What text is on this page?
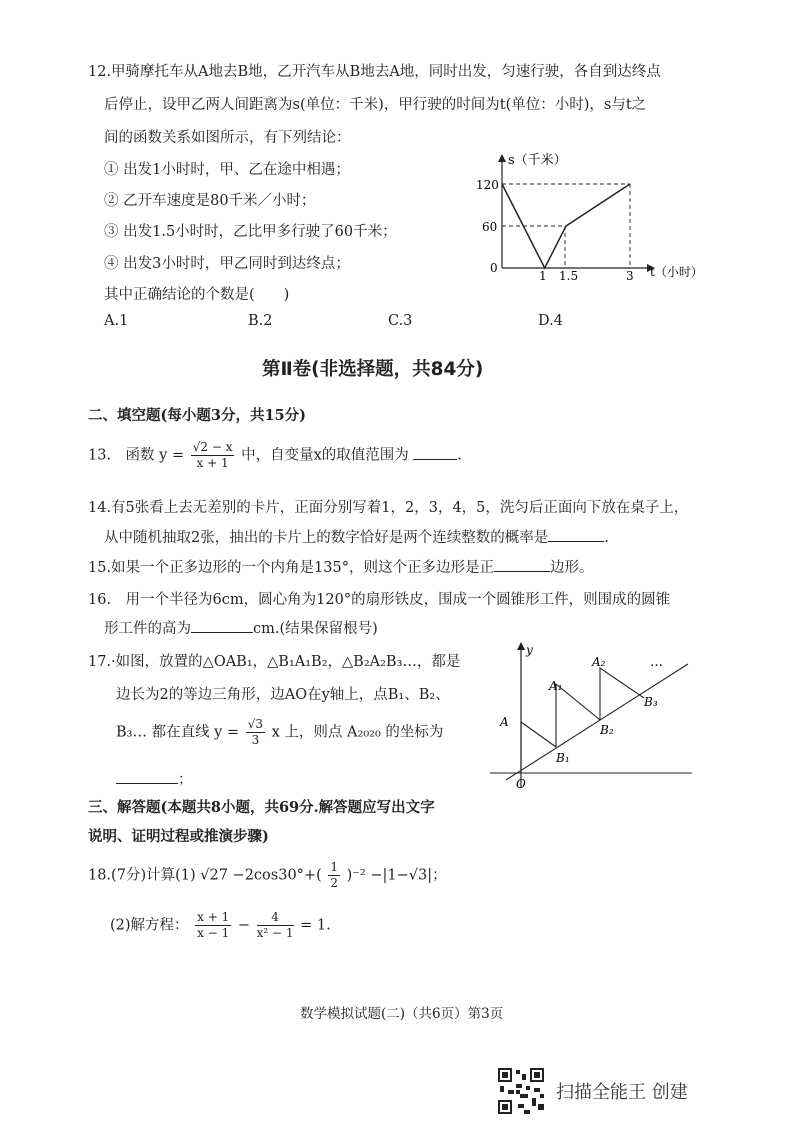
12.甲骑摩托车从A地去B地，乙开汽车从B地去A地，同时出发，匀速行驶，各自到达终点
后停止，设甲乙两人间距离为s(单位：千米)，甲行驶的时间为t(单位：小时)，s与t之
间的函数关系如图所示，有下列结论：
① 出发1小时时，甲、乙在途中相遇；
② 乙开车速度是80千米／小时；
③ 出发1.5小时时，乙比甲多行驶了60千米；
④ 出发3小时时，甲乙同时到达终点；
其中正确结论的个数是(　　)
A.1	B.2	C.3	D.4
s（千米）
120
60
0
1 1.5	3 t（小时）
第Ⅱ卷(非选择题，共84分)
二、填空题(每小题3分，共15分)
13.　函数 $y = \frac{√2 - x}{x + 1}$ 中，自变量x的取值范围为	.
14.有5张看上去无差别的卡片，正面分别写着1，2，3，4，5，洗匀后正面向下放在桌子上，
从中随机抽取2张，抽出的卡片上的数字恰好是两个连续整数的概率是	.
15.如果一个正多边形的一个内角是135°，则这个正多边形是正	边形。
16.　用一个半径为6cm，圆心角为120°的扇形铁皮，围成一个圆锥形工件，则围成的圆锥
形工件的高为	cm.(结果保留根号)
17.·如图，放置的△OAB₁，△B₁A₁B₂，△B₂A₂B₃…，都是
边长为2的等边三角形，边AO在y轴上，点B₁、B₂、
B₃… 都在直线 $y = \frac{√3}{3}$ x 上，则点 A₂₀₂₀ 的坐标为
；
y
A
A₁
A₂
B₁
B₂
B₃
O
…
三、解答题(本题共8小题，共69分.解答题应写出文字
说明、证明过程或推演步骤)
18.(7分)计算(1) $√27 -2\cos 30^\circ+( \frac{1}{2} )^{-2} -|1-√3|$；
(2)解方程： $\frac{x + 1}{x - 1} - \frac{4}{\text{x² − 1}} = 1$.
数学模拟试题(二)（共6页）第3页
扫描全能王 创建
